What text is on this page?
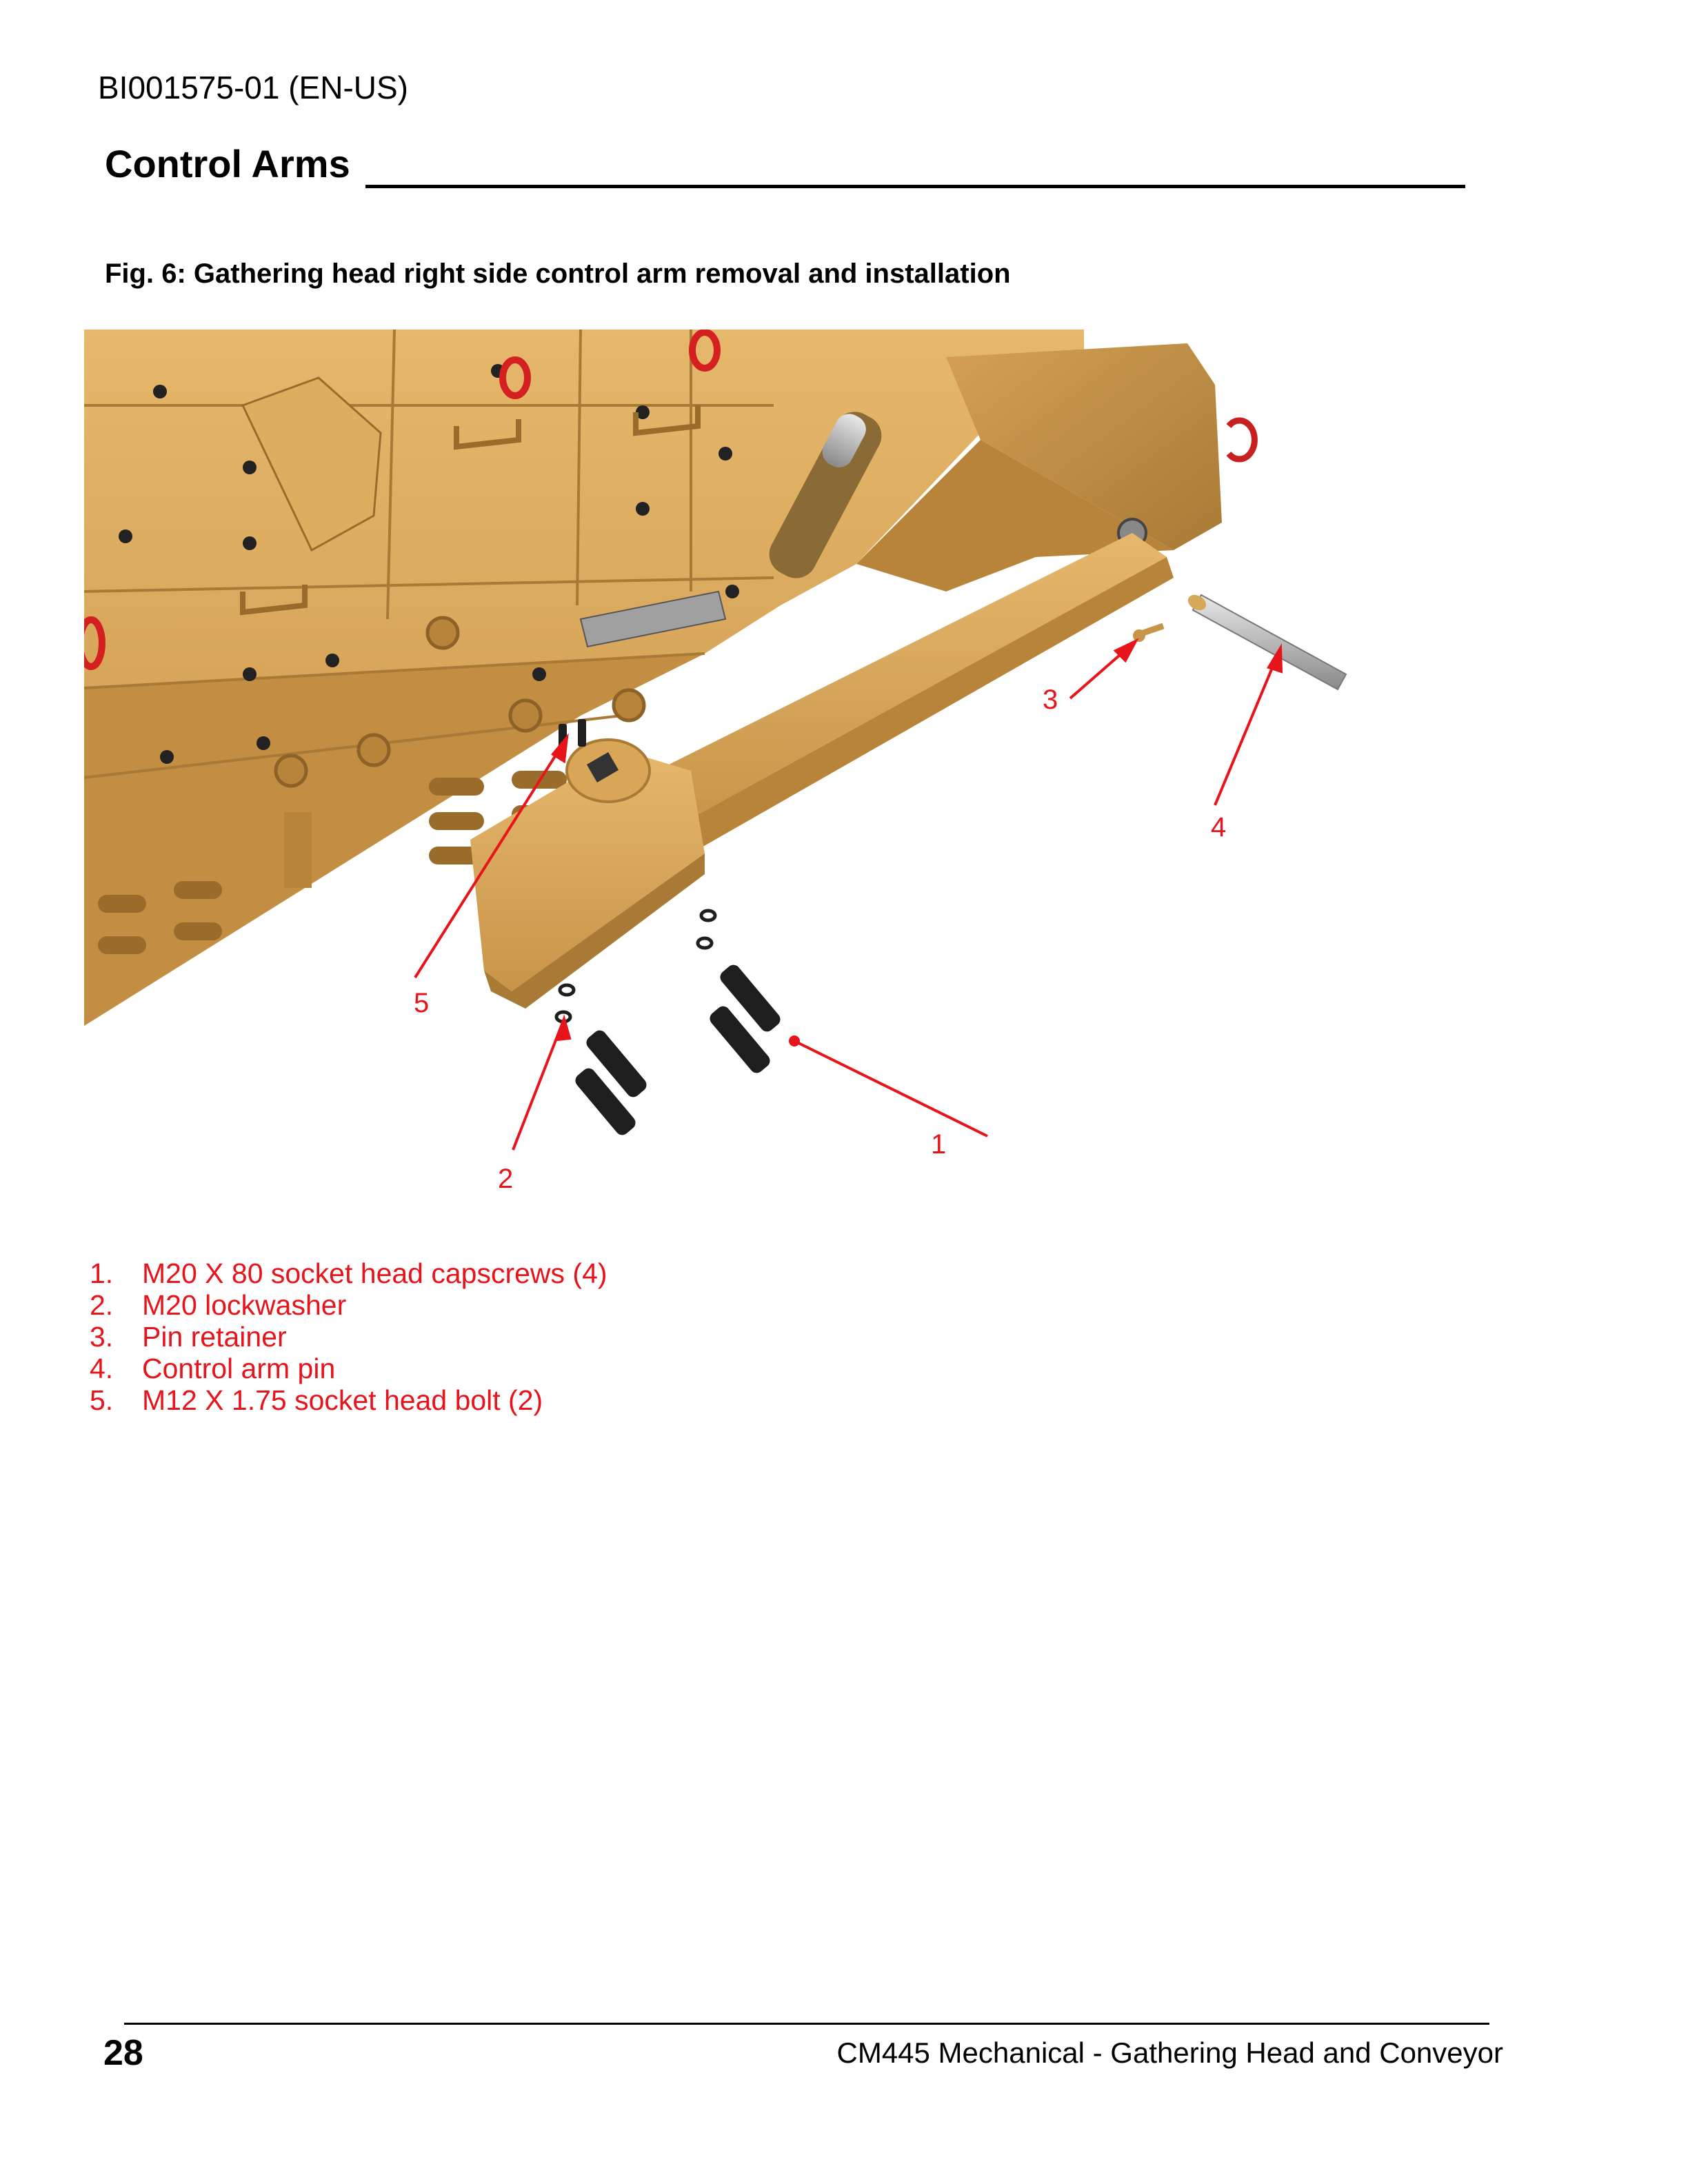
BI001575-01 (EN-US)
Control Arms
Fig. 6: Gathering head right side control arm removal and installation
1
2
3
4
5
1.	M20 X 80 socket head capscrews (4)
2.	M20 lockwasher
3.	Pin retainer
4.	Control arm pin
5.	M12 X 1.75 socket head bolt (2)
28	CM445 Mechanical - Gathering Head and Conveyor
